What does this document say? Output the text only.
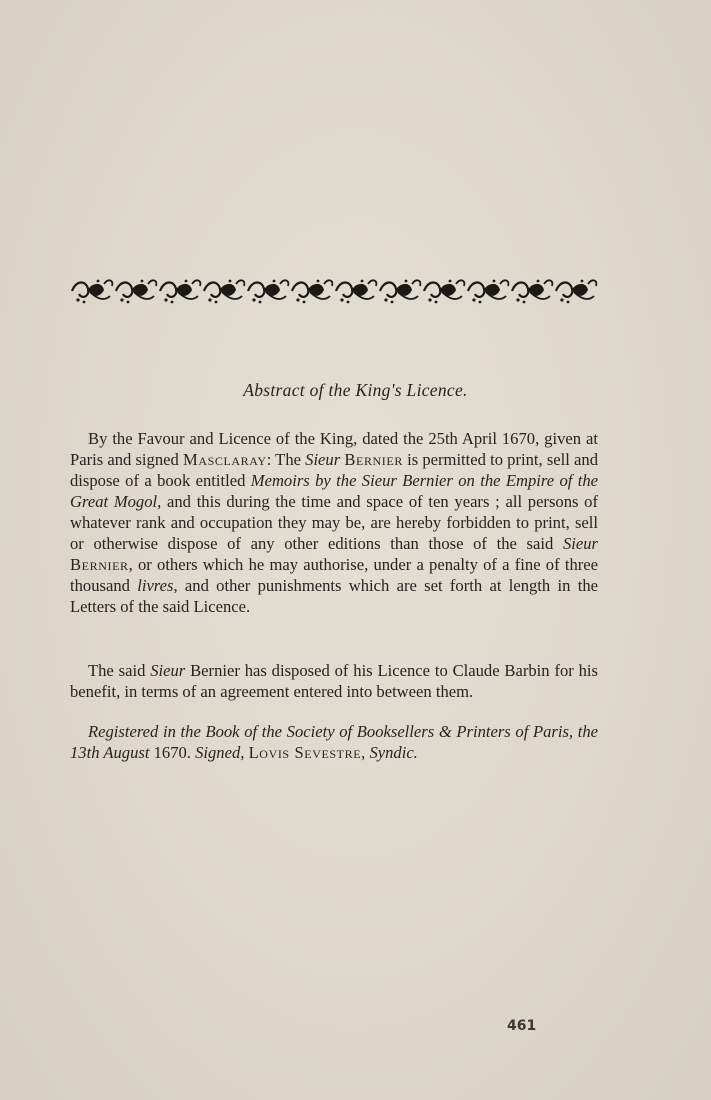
Abstract of the King's Licence.

By the Favour and Licence of the King, dated the 25th April 1670, given at Paris and signed Masclaray: The Sieur Bernier is permitted to print, sell and dispose of a book entitled Memoirs by the Sieur Bernier on the Empire of the Great Mogol, and this during the time and space of ten years ; all persons of whatever rank and occupation they may be, are hereby forbidden to print, sell or otherwise dispose of any other editions than those of the said Sieur Bernier, or others which he may authorise, under a penalty of a fine of three thousand livres, and other punishments which are set forth at length in the Letters of the said Licence.

The said Sieur Bernier has disposed of his Licence to Claude Barbin for his benefit, in terms of an agreement entered into between them.

Registered in the Book of the Society of Booksellers & Printers of Paris, the 13th August 1670. Signed, Lovis Sevestre, Syndic.

461
